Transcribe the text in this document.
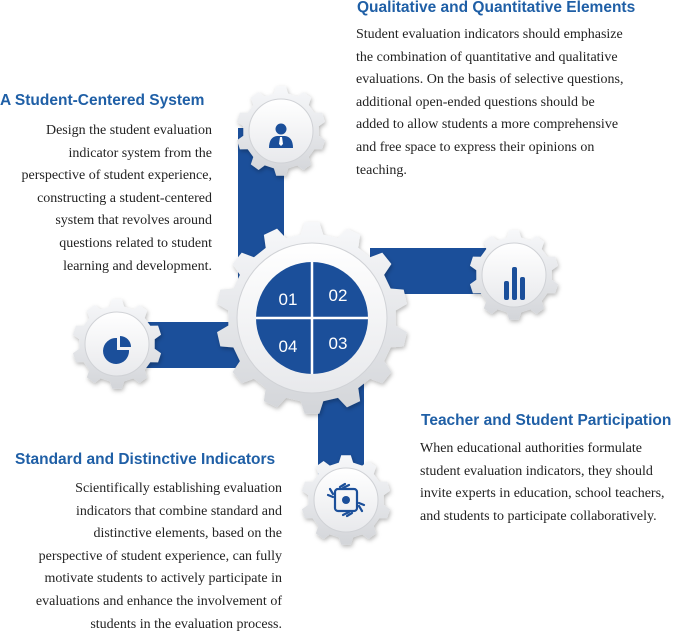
01 02
04 03
A Student-Centered System
Design the student evaluation
indicator system from the
perspective of student experience,
constructing a student-centered
system that revolves around
questions related to student
learning and development.
Qualitative and Quantitative Elements
Student evaluation indicators should emphasize
the combination of quantitative and qualitative
evaluations. On the basis of selective questions,
additional open-ended questions should be
added to allow students a more comprehensive
and free space to express their opinions on
teaching.
Standard and Distinctive Indicators
Scientifically establishing evaluation
indicators that combine standard and
distinctive elements, based on the
perspective of student experience, can fully
motivate students to actively participate in
evaluations and enhance the involvement of
students in the evaluation process.
Teacher and Student Participation
When educational authorities formulate
student evaluation indicators, they should
invite experts in education, school teachers,
and students to participate collaboratively.
